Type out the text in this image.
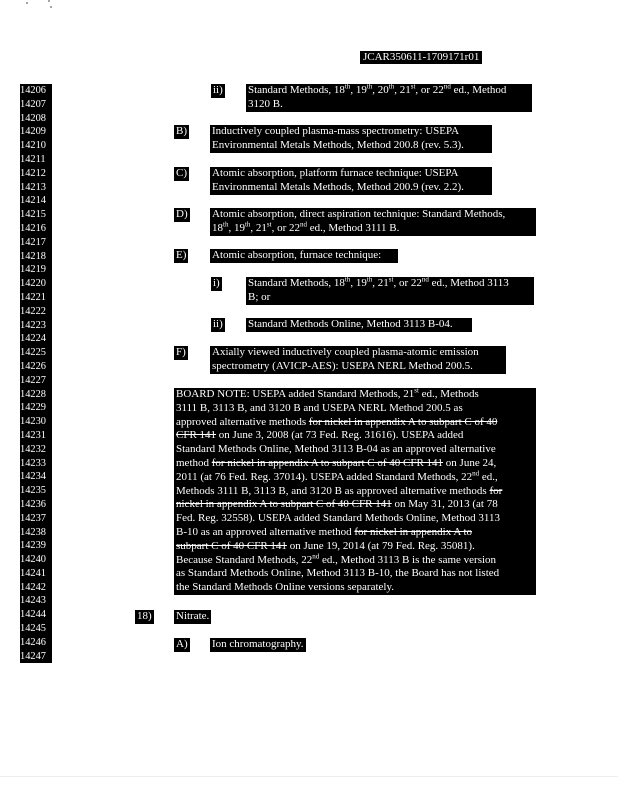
JCAR350611-1709171r01
14206
14207
14208
14209
14210
14211
14212
14213
14214
14215
14216
14217
14218
14219
14220
14221
14222
14223
14224
14225
14226
14227
14228
14229
14230
14231
14232
14233
14234
14235
14236
14237
14238
14239
14240
14241
14242
14243
14244
14245
14246
14247
ii) Standard Methods, 18th, 19th, 20th, 21st, or 22nd ed., Method
3120 B.
B) Inductively coupled plasma-mass spectrometry: USEPA
Environmental Metals Methods, Method 200.8 (rev. 5.3).
C) Atomic absorption, platform furnace technique: USEPA
Environmental Metals Methods, Method 200.9 (rev. 2.2).
D) Atomic absorption, direct aspiration technique: Standard Methods,
18th, 19th, 21st, or 22nd ed., Method 3111 B.
E) Atomic absorption, furnace technique:
i)	Standard Methods, 18th, 19th, 21st, or 22nd ed., Method 3113
B; or
ii) Standard Methods Online, Method 3113 B-04.
F) Axially viewed inductively coupled plasma-atomic emission
spectrometry (AVICP-AES): USEPA NERL Method 200.5.
BOARD NOTE: USEPA added Standard Methods, 21st ed., Methods
3111 B, 3113 B, and 3120 B and USEPA NERL Method 200.5 as
approved alternative methods for nickel in appendix A to subpart C of 40
CFR 141 on June 3, 2008 (at 73 Fed. Reg. 31616). USEPA added
Standard Methods Online, Method 3113 B-04 as an approved alternative
method for nickel in appendix A to subpart C of 40 CFR 141 on June 24,
2011 (at 76 Fed. Reg. 37014). USEPA added Standard Methods, 22nd ed.,
Methods 3111 B, 3113 B, and 3120 B as approved alternative methods for
nickel in appendix A to subpart C of 40 CFR 141 on May 31, 2013 (at 78
Fed. Reg. 32558). USEPA added Standard Methods Online, Method 3113
B-10 as an approved alternative method for nickel in appendix A to
subpart C of 40 CFR 141 on June 19, 2014 (at 79 Fed. Reg. 35081).
Because Standard Methods, 22nd ed., Method 3113 B is the same version
as Standard Methods Online, Method 3113 B-10, the Board has not listed
the Standard Methods Online versions separately.
18) Nitrate.
A) Ion chromatography.
